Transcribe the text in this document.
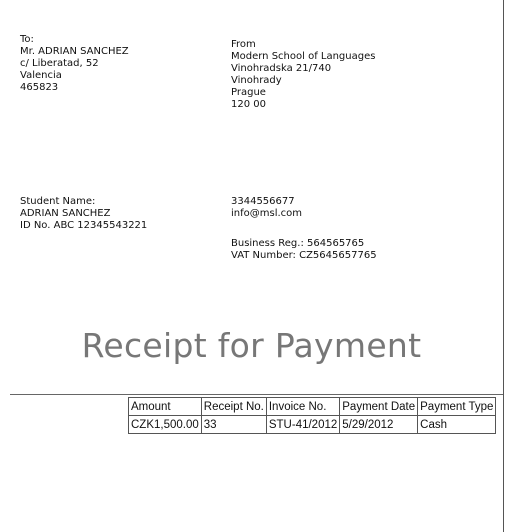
To:
Mr. ADRIAN SANCHEZ
c/ Liberatad, 52
Valencia
465823
From
Modern School of Languages
Vinohradska 21/740
Vinohrady
Prague
120 00
Student Name:
ADRIAN SANCHEZ
ID No. ABC 12345543221
3344556677
info@msl.com
Business Reg.: 564565765
VAT Number: CZ5645657765
Receipt for Payment
Amount	Receipt No.	Invoice No.	Payment Date	Payment Type
CZK1,500.00	33	STU-41/2012	5/29/2012	Cash
